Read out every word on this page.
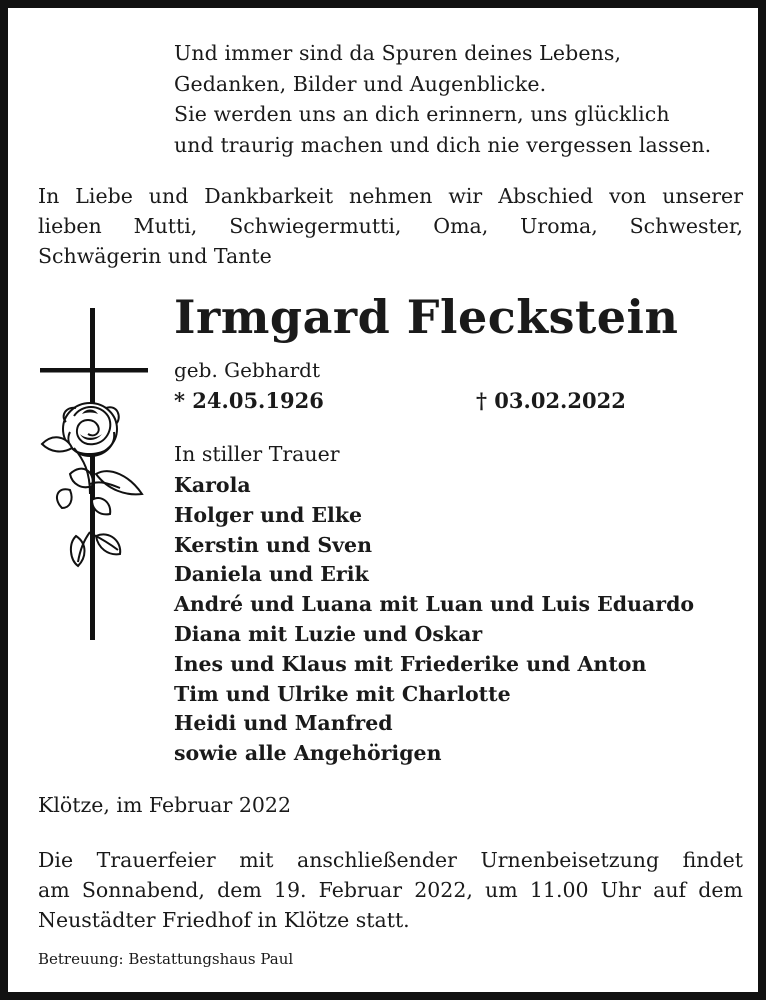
Und immer sind da Spuren deines Lebens,
Gedanken, Bilder und Augenblicke.
Sie werden uns an dich erinnern, uns glücklich
und traurig machen und dich nie vergessen lassen.
In Liebe und Dankbarkeit nehmen wir Abschied von unserer
lieben Mutti, Schwiegermutti, Oma, Uroma, Schwester,
Schwägerin und Tante
Irmgard Fleckstein
geb. Gebhardt
* 24.05.1926	† 03.02.2022
In stiller Trauer
Karola
Holger und Elke
Kerstin und Sven
Daniela und Erik
André und Luana mit Luan und Luis Eduardo
Diana mit Luzie und Oskar
Ines und Klaus mit Friederike und Anton
Tim und Ulrike mit Charlotte
Heidi und Manfred
sowie alle Angehörigen
Klötze, im Februar 2022
Die Trauerfeier mit anschließender Urnenbeisetzung findet
am Sonnabend, dem 19. Februar 2022, um 11.00 Uhr auf dem
Neustädter Friedhof in Klötze statt.
Betreuung: Bestattungshaus Paul
